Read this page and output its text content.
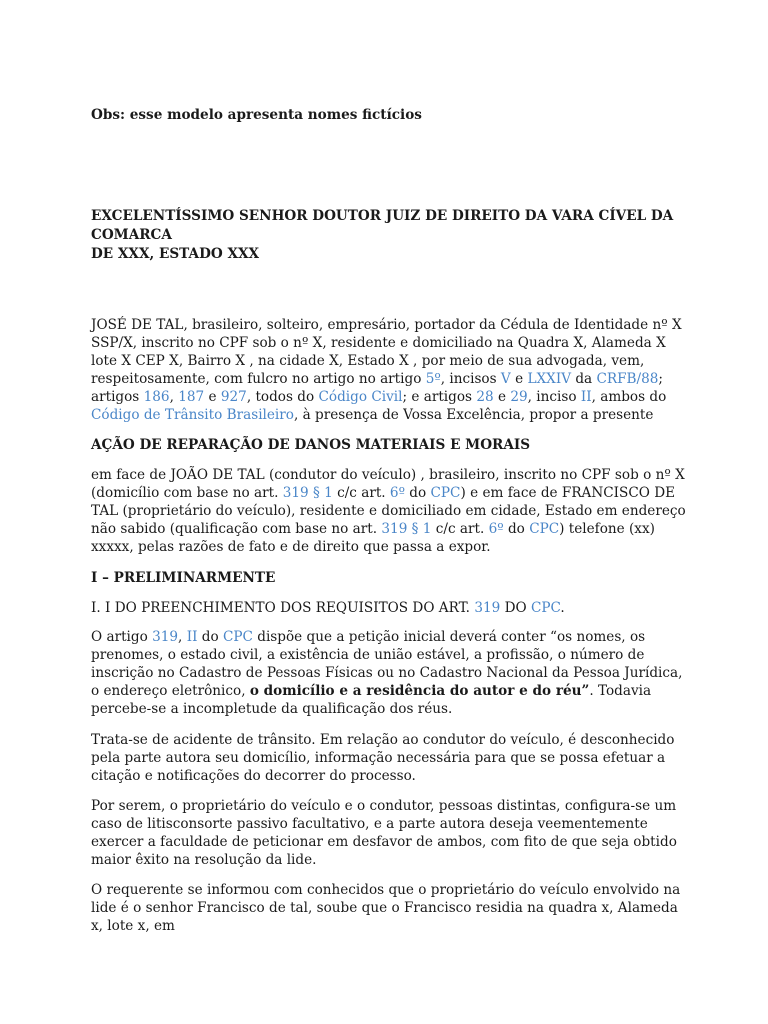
Obs: esse modelo apresenta nomes fictícios

EXCELENTÍSSIMO SENHOR DOUTOR JUIZ DE DIREITO DA VARA CÍVEL DA COMARCA
DE XXX, ESTADO XXX

JOSÉ DE TAL, brasileiro, solteiro, empresário, portador da Cédula de Identidade nº X SSP/X, inscrito no CPF sob o nº X, residente e domiciliado na Quadra X, Alameda X lote X CEP X, Bairro X , na cidade X, Estado X , por meio de sua advogada, vem, respeitosamente, com fulcro no artigo no artigo 5º, incisos V e LXXIV da CRFB/88; artigos 186, 187 e 927, todos do Código Civil; e artigos 28 e 29, inciso II, ambos do Código de Trânsito Brasileiro, à presença de Vossa Excelência, propor a presente

AÇÃO DE REPARAÇÃO DE DANOS MATERIAIS E MORAIS

em face de JOÃO DE TAL (condutor do veículo) , brasileiro, inscrito no CPF sob o nº X (domicílio com base no art. 319 § 1 c/c art. 6º do CPC) e em face de FRANCISCO DE TAL (proprietário do veículo), residente e domiciliado em cidade, Estado em endereço não sabido (qualificação com base no art. 319 § 1 c/c art. 6º do CPC) telefone (xx) xxxxx, pelas razões de fato e de direito que passa a expor.

I – PRELIMINARMENTE

I. I DO PREENCHIMENTO DOS REQUISITOS DO ART. 319 DO CPC.

O artigo 319, II do CPC dispõe que a petição inicial deverá conter “os nomes, os prenomes, o estado civil, a existência de união estável, a profissão, o número de inscrição no Cadastro de Pessoas Físicas ou no Cadastro Nacional da Pessoa Jurídica, o endereço eletrônico, o domicílio e a residência do autor e do réu”. Todavia percebe-se a incompletude da qualificação dos réus.

Trata-se de acidente de trânsito. Em relação ao condutor do veículo, é desconhecido pela parte autora seu domicílio, informação necessária para que se possa efetuar a citação e notificações do decorrer do processo.

Por serem, o proprietário do veículo e o condutor, pessoas distintas, configura-se um caso de litisconsorte passivo facultativo, e a parte autora deseja veementemente exercer a faculdade de peticionar em desfavor de ambos, com fito de que seja obtido maior êxito na resolução da lide.

O requerente se informou com conhecidos que o proprietário do veículo envolvido na lide é o senhor Francisco de tal, soube que o Francisco residia na quadra x, Alameda x, lote x, em
